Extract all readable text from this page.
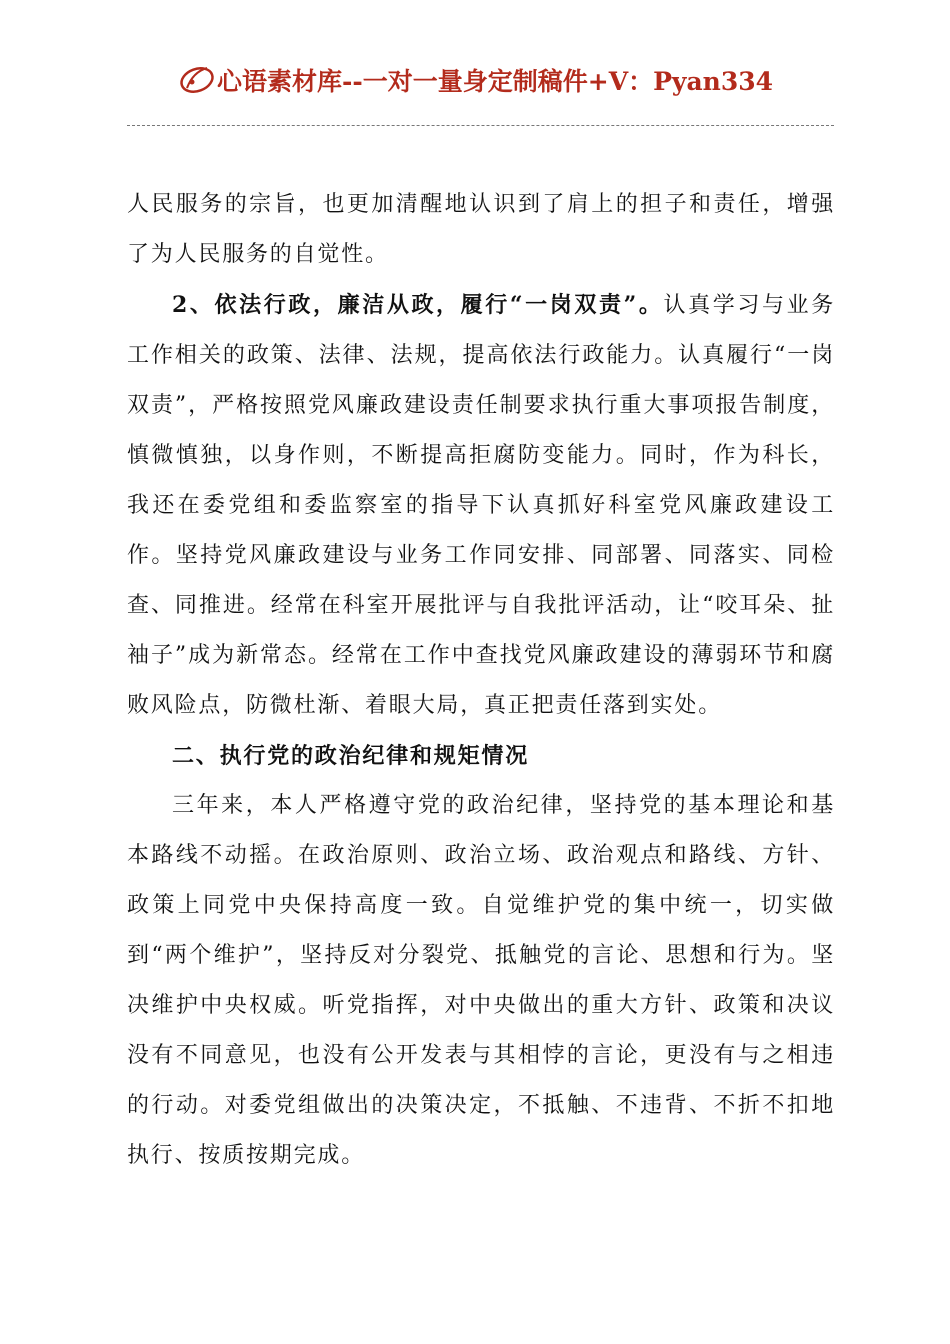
心语素材库 --一对一量身定制稿件+V：Pyan334

人民服务的宗旨，也更加清醒地认识到了肩上的担子和责任，增强了为人民服务的自觉性。

2、依法行政，廉洁从政，履行“一岗双责”。认真学习与业务工作相关的政策、法律、法规，提高依法行政能力。认真履行“一岗双责”，严格按照党风廉政建设责任制要求执行重大事项报告制度，慎微慎独，以身作则，不断提高拒腐防变能力。同时，作为科长，我还在委党组和委监察室的指导下认真抓好科室党风廉政建设工作。坚持党风廉政建设与业务工作同安排、同部署、同落实、同检查、同推进。经常在科室开展批评与自我批评活动，让“咬耳朵、扯袖子”成为新常态。经常在工作中查找党风廉政建设的薄弱环节和腐败风险点，防微杜渐、着眼大局，真正把责任落到实处。

二、执行党的政治纪律和规矩情况

三年来，本人严格遵守党的政治纪律，坚持党的基本理论和基本路线不动摇。在政治原则、政治立场、政治观点和路线、方针、政策上同党中央保持高度一致。自觉维护党的集中统一，切实做到“两个维护”，坚持反对分裂党、抵触党的言论、思想和行为。坚决维护中央权威。听党指挥，对中央做出的重大方针、政策和决议没有不同意见，也没有公开发表与其相悖的言论，更没有与之相违的行动。对委党组做出的决策决定，不抵触、不违背、不折不扣地执行、按质按期完成。
